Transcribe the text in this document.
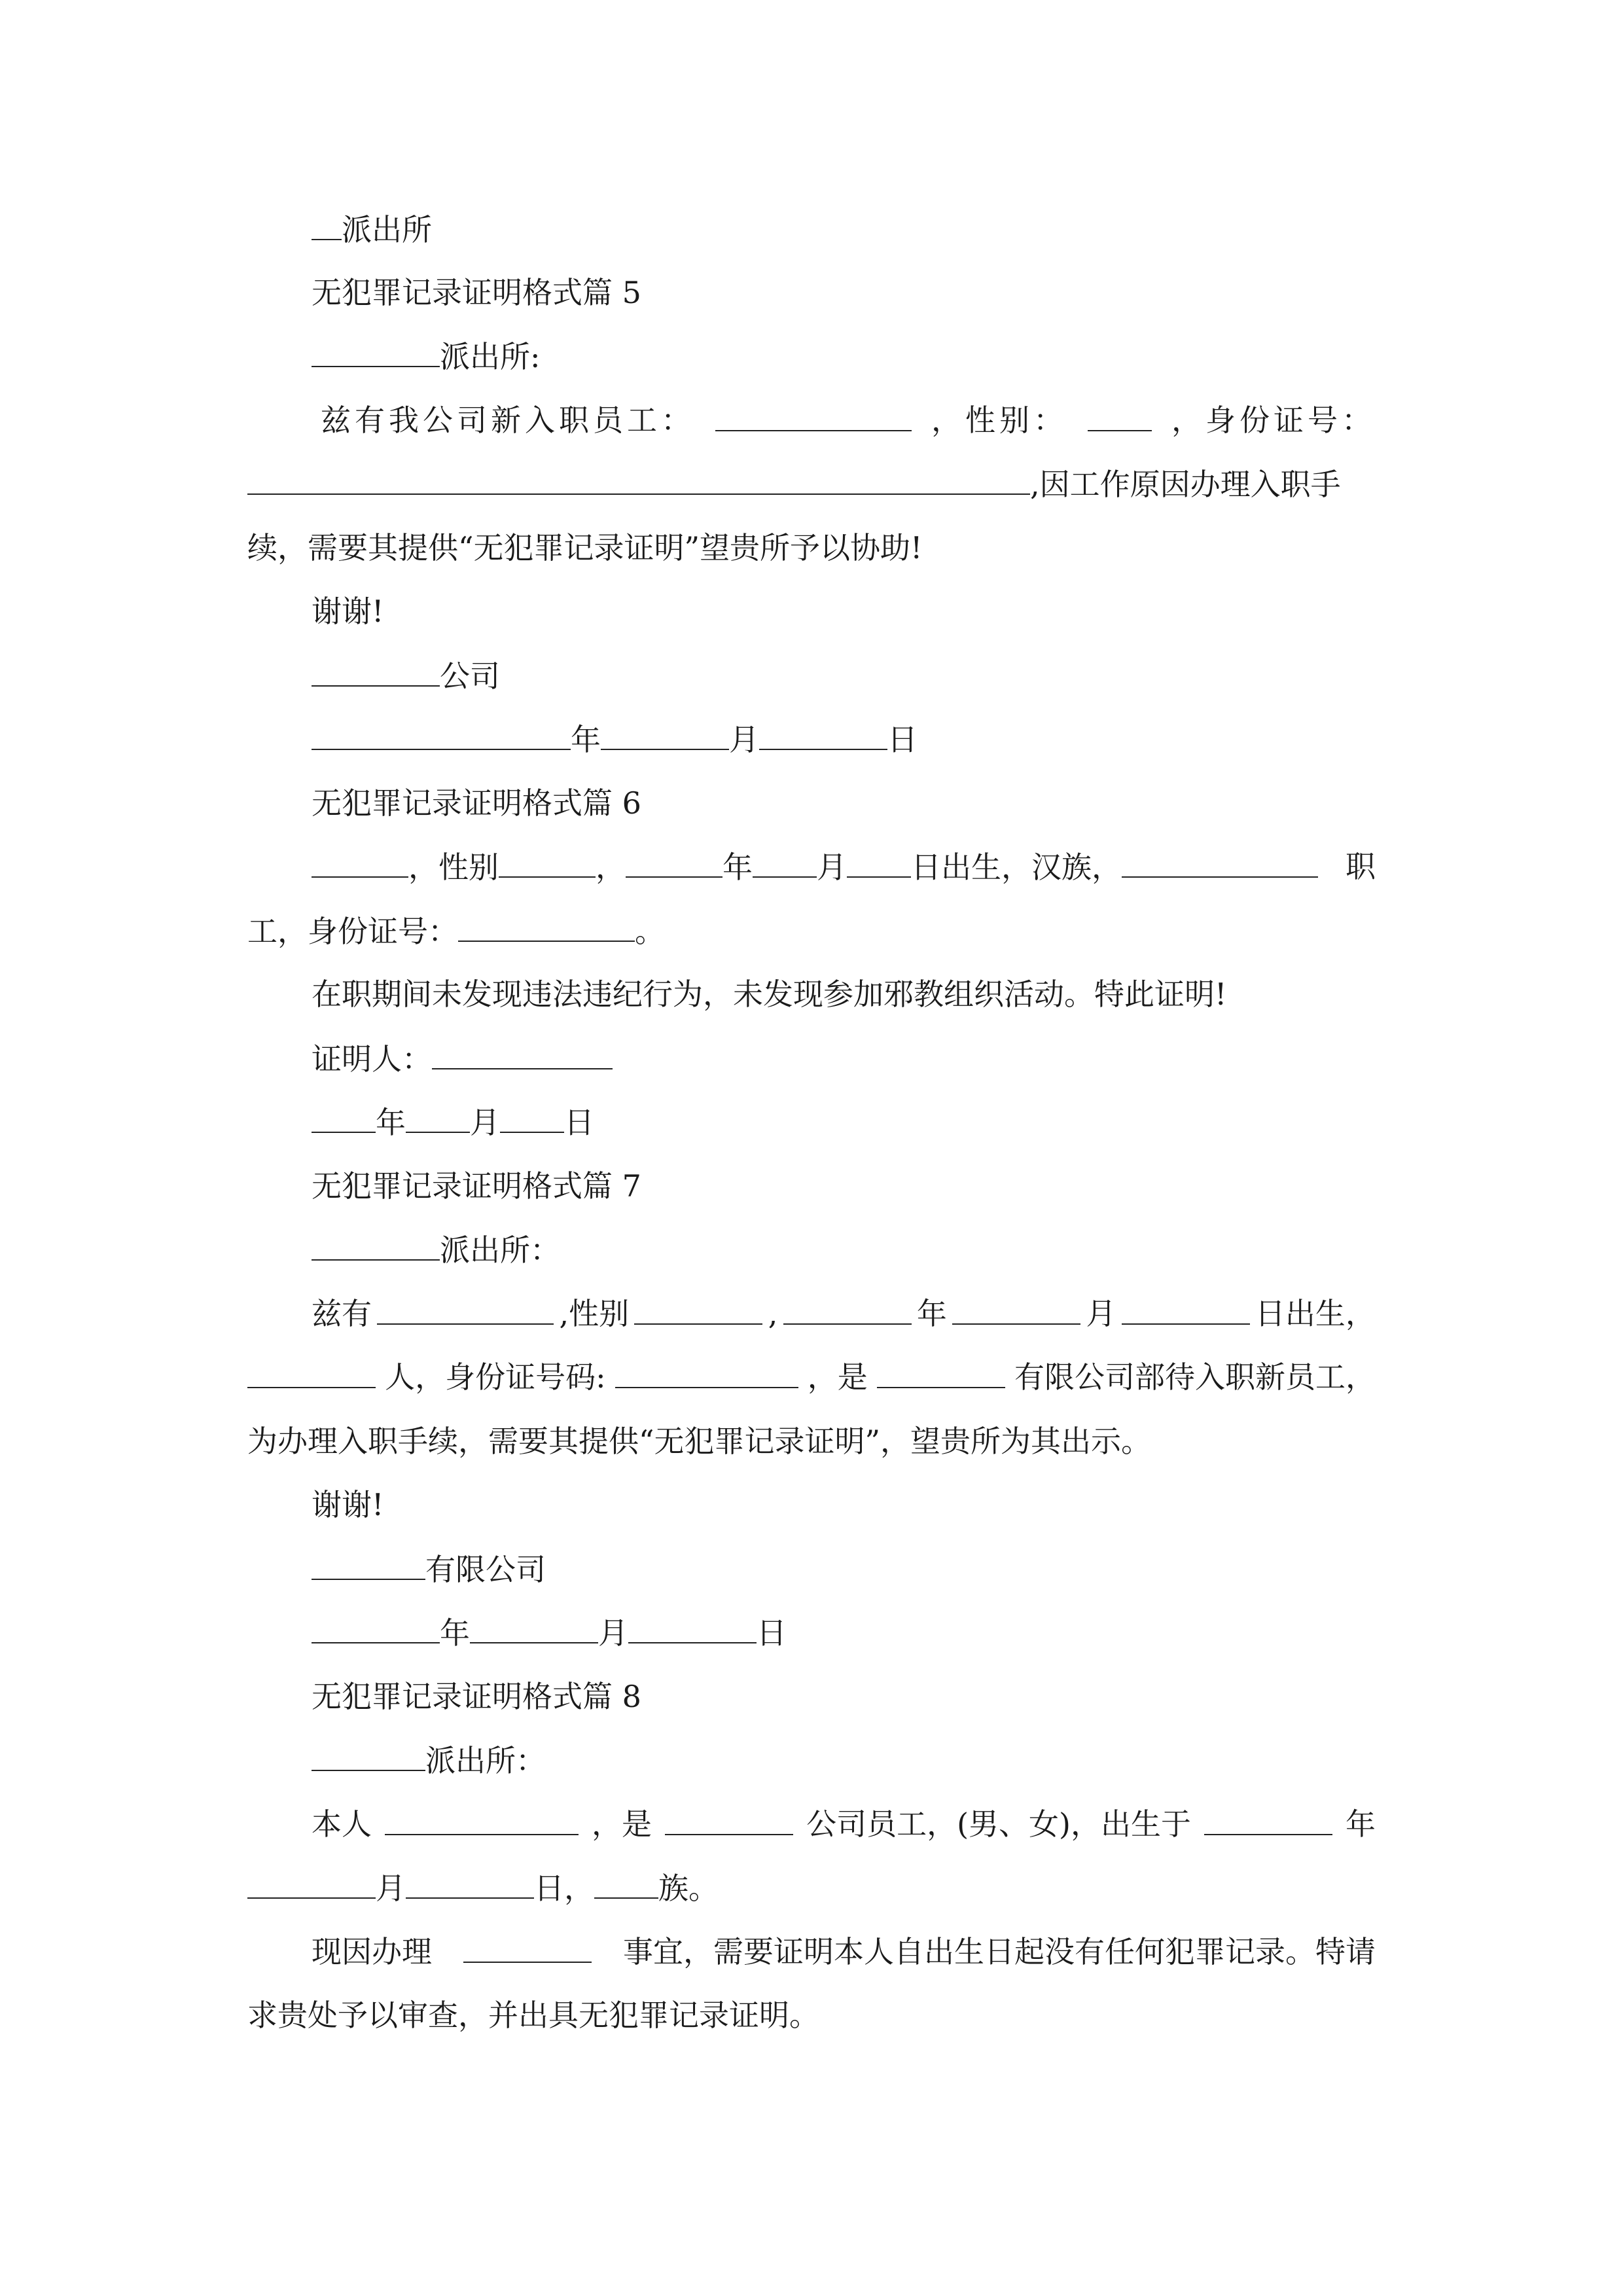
派出所
无犯罪记录证明格式篇 5
派出所:
兹有我公司新入职员工：	，性别：	，身份证号：
,因工作原因办理入职手
续，需要其提供“无犯罪记录证明”望贵所予以协助!
谢谢!
公司
年	月	日
无犯罪记录证明格式篇 6
，性别	，	年 月 日出生，汉族，	职
工，身份证号：	。
在职期间未发现违法违纪行为，未发现参加邪教组织活动。特此证明!
证明人：
年 月 日
无犯罪记录证明格式篇 7
派出所：
兹有	,性别	,	年	月	日出生，
人，身份证号码:	，是	有限公司部待入职新员工，
为办理入职手续，需要其提供“无犯罪记录证明”，望贵所为其出示。
谢谢!
有限公司
年	月	日
无犯罪记录证明格式篇 8
派出所：
本人	，是	公司员工，(男、女)，出生于	年
月	日， 族。
现因办理	事宜，需要证明本人自出生日起没有任何犯罪记录。特请
求贵处予以审查，并出具无犯罪记录证明。
